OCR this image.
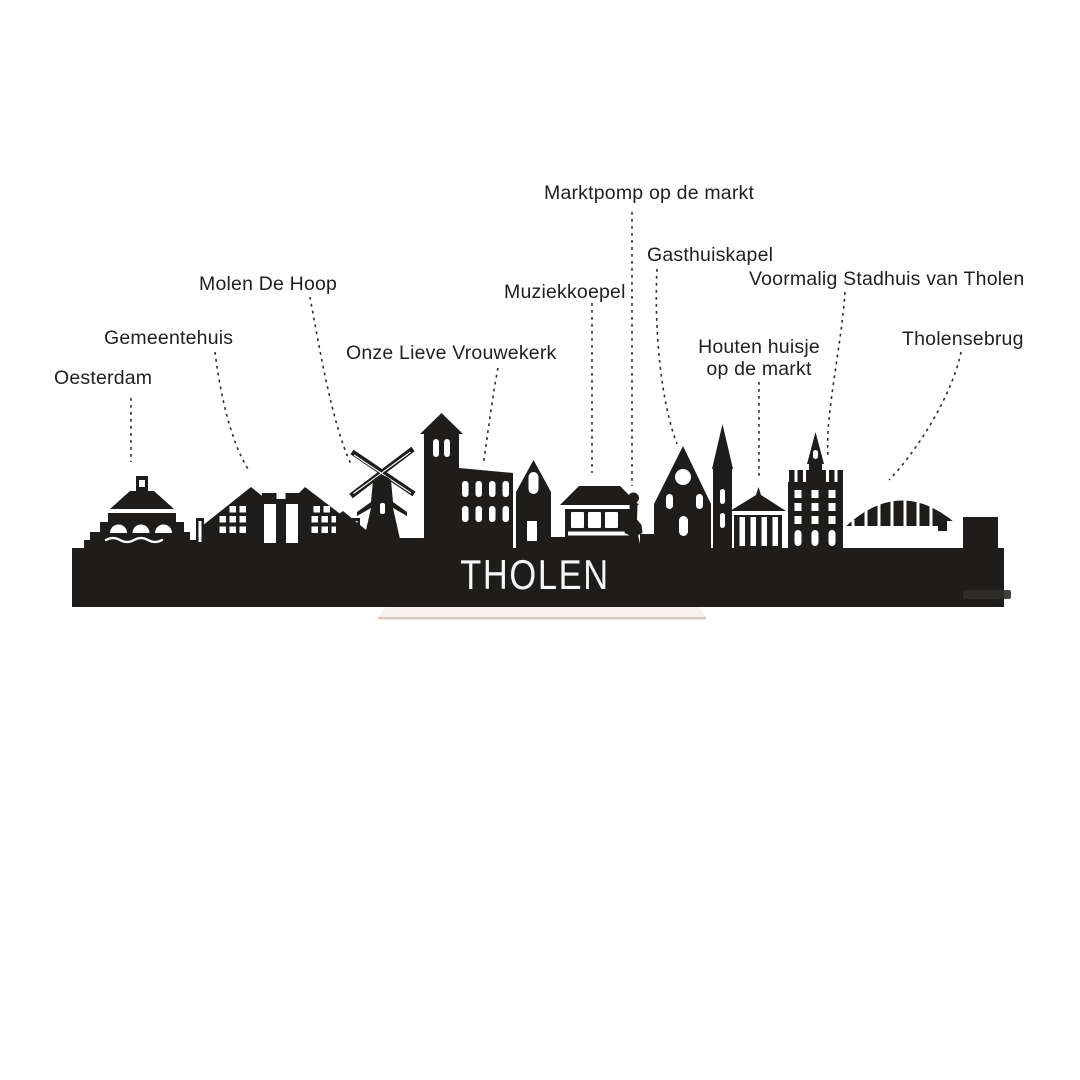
Oesterdam
Gemeentehuis
Molen De Hoop
Onze Lieve Vrouwekerk
Muziekkoepel
Marktpomp op de markt
Gasthuiskapel
Houten huisje
op de markt
Voormalig Stadhuis van Tholen
Tholensebrug
THOLEN
